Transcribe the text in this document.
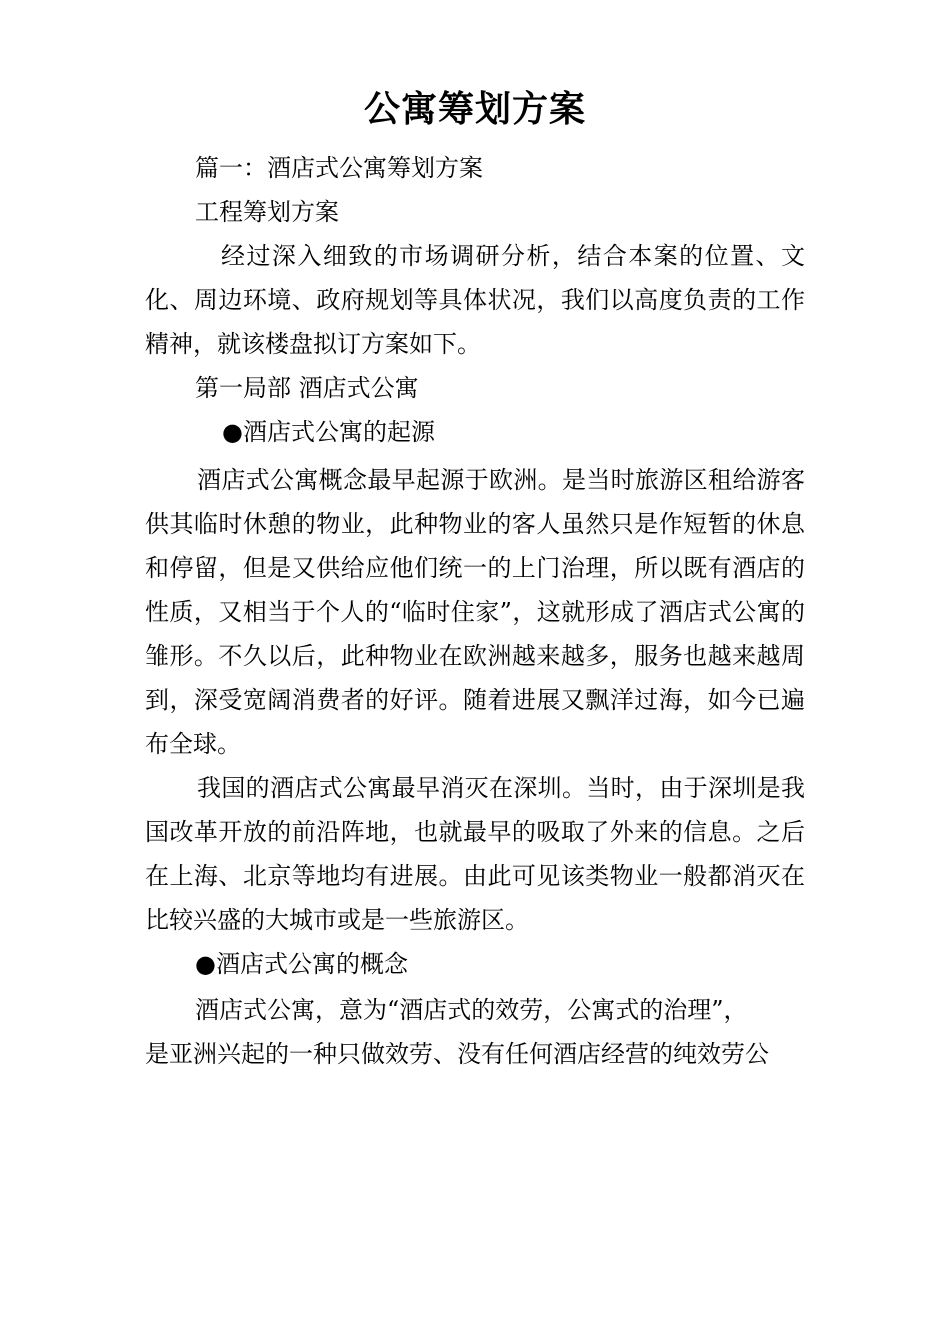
公寓筹划方案
篇一：酒店式公寓筹划方案
工程筹划方案
经过深入细致的市场调研分析，结合本案的位置、文化、周边环境、政府规划等具体状况，我们以高度负责的工作精神，就该楼盘拟订方案如下。
第一局部 酒店式公寓
●酒店式公寓的起源
酒店式公寓概念最早起源于欧洲。是当时旅游区租给游客供其临时休憩的物业，此种物业的客人虽然只是作短暂的休息和停留，但是又供给应他们统一的上门治理，所以既有酒店的性质，又相当于个人的“临时住家”，这就形成了酒店式公寓的雏形。不久以后，此种物业在欧洲越来越多，服务也越来越周到，深受宽阔消费者的好评。随着进展又飘洋过海，如今已遍布全球。
我国的酒店式公寓最早消灭在深圳。当时，由于深圳是我国改革开放的前沿阵地，也就最早的吸取了外来的信息。之后在上海、北京等地均有进展。由此可见该类物业一般都消灭在比较兴盛的大城市或是一些旅游区。
●酒店式公寓的概念
酒店式公寓，意为“酒店式的效劳，公寓式的治理”，
是亚洲兴起的一种只做效劳、没有任何酒店经营的纯效劳公
